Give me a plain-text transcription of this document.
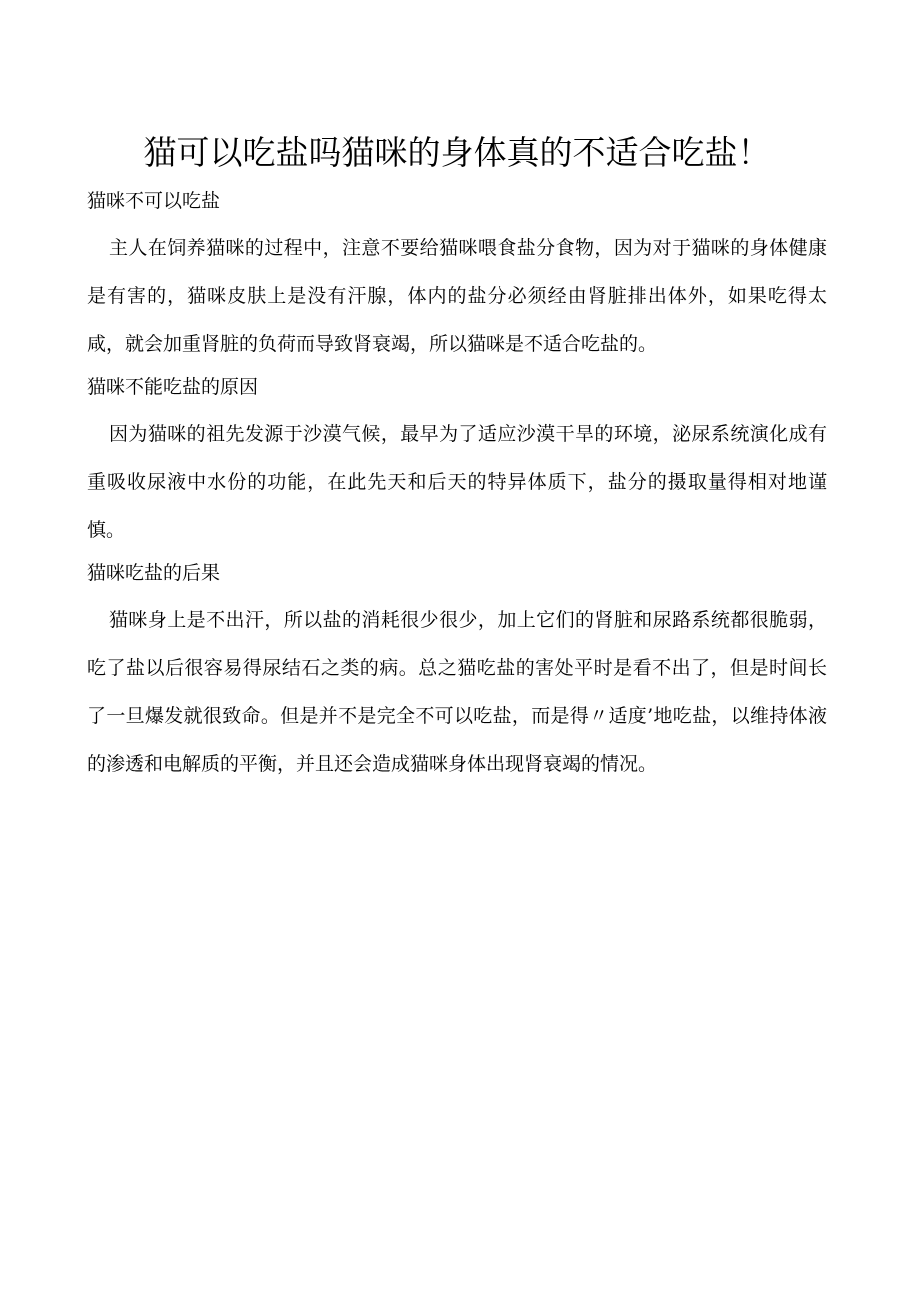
猫可以吃盐吗猫咪的身体真的不适合吃盐！
猫咪不可以吃盐

主人在饲养猫咪的过程中，注意不要给猫咪喂食盐分食物，因为对于猫咪的身体健康是有害的，猫咪皮肤上是没有汗腺，体内的盐分必须经由肾脏排出体外，如果吃得太咸，就会加重肾脏的负荷而导致肾衰竭，所以猫咪是不适合吃盐的。

猫咪不能吃盐的原因

因为猫咪的祖先发源于沙漠气候，最早为了适应沙漠干旱的环境，泌尿系统演化成有重吸收尿液中水份的功能，在此先天和后天的特异体质下，盐分的摄取量得相对地谨慎。

猫咪吃盐的后果

猫咪身上是不出汗，所以盐的消耗很少很少，加上它们的肾脏和尿路系统都很脆弱，吃了盐以后很容易得尿结石之类的病。总之猫吃盐的害处平时是看不出了，但是时间长了一旦爆发就很致命。但是并不是完全不可以吃盐，而是得〃适度’地吃盐，以维持体液的渗透和电解质的平衡，并且还会造成猫咪身体出现肾衰竭的情况。
